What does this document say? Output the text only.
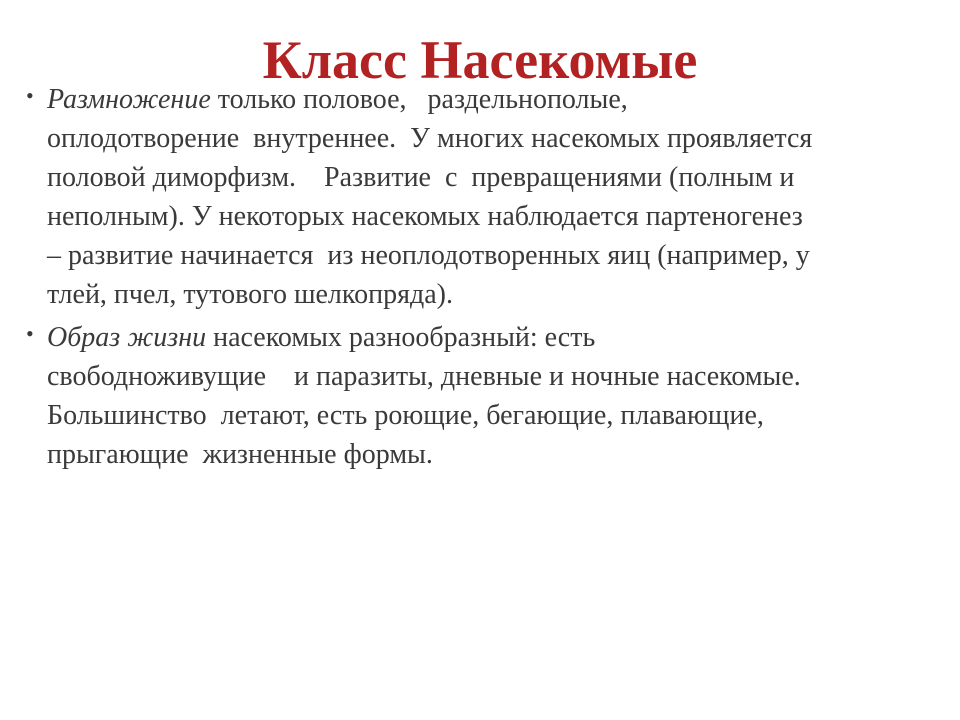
Класс Насекомые
• Размножение только половое,   раздельнополые,
оплодотворение  внутреннее.  У многих насекомых проявляется
половой диморфизм.    Развитие  с  превращениями (полным и
неполным). У некоторых насекомых наблюдается партеногенез
– развитие начинается  из неоплодотворенных яиц (например, у
тлей, пчел, тутового шелкопряда).
• Образ жизни насекомых разнообразный: есть
свободноживущие    и паразиты, дневные и ночные насекомые.
Большинство  летают, есть роющие, бегающие, плавающие,
прыгающие  жизненные формы.
